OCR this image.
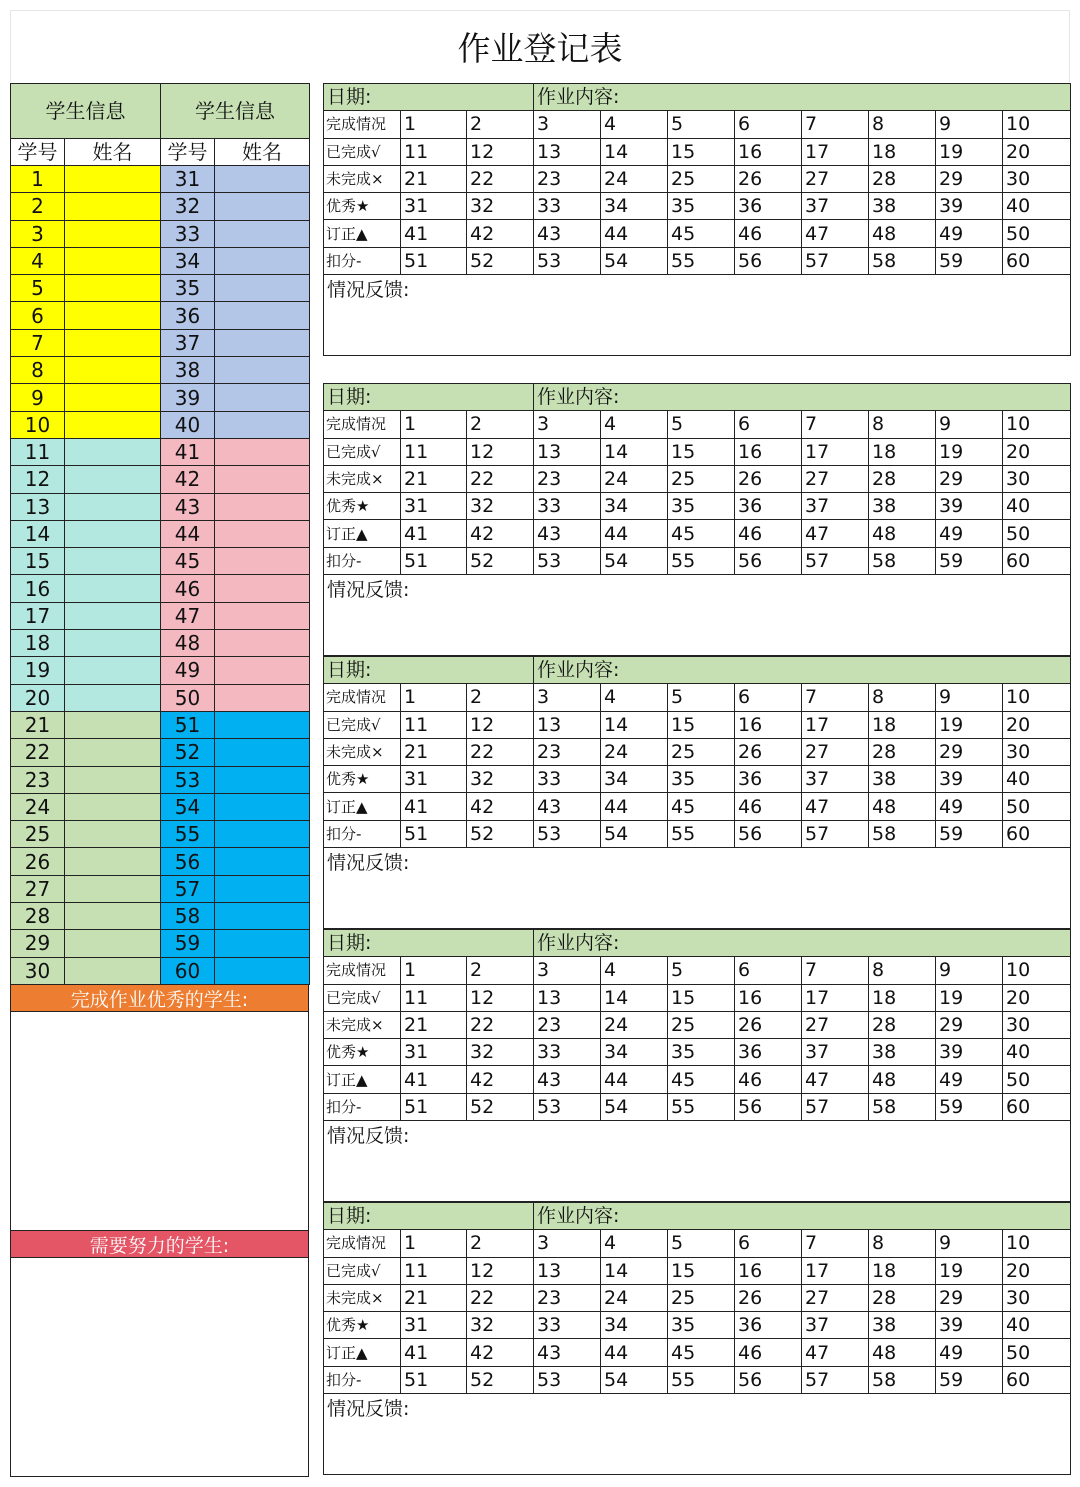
作业登记表
学生信息		学生信息	
学号	姓名	学号	姓名
1		31	
2		32	
3		33	
4		34	
5		35	
6		36	
7		37	
8		38	
9		39	
10		40	
11		41	
12		42	
13		43	
14		44	
15		45	
16		46	
17		47	
18		48	
19		49	
20		50	
21		51	
22		52	
23		53	
24		54	
25		55	
26		56	
27		57	
28		58	
29		59	
30		60	
完成作业优秀的学生:
需要努力的学生:
日期:			作业内容:							
完成情况	1	2	3	4	5	6	7	8	9	10
已完成√	11	12	13	14	15	16	17	18	19	20
未完成×	21	22	23	24	25	26	27	28	29	30
优秀★	31	32	33	34	35	36	37	38	39	40
订正▲	41	42	43	44	45	46	47	48	49	50
扣分-	51	52	53	54	55	56	57	58	59	60
情况反馈:										
日期:			作业内容:							
完成情况	1	2	3	4	5	6	7	8	9	10
已完成√	11	12	13	14	15	16	17	18	19	20
未完成×	21	22	23	24	25	26	27	28	29	30
优秀★	31	32	33	34	35	36	37	38	39	40
订正▲	41	42	43	44	45	46	47	48	49	50
扣分-	51	52	53	54	55	56	57	58	59	60
情况反馈:										
日期:			作业内容:							
完成情况	1	2	3	4	5	6	7	8	9	10
已完成√	11	12	13	14	15	16	17	18	19	20
未完成×	21	22	23	24	25	26	27	28	29	30
优秀★	31	32	33	34	35	36	37	38	39	40
订正▲	41	42	43	44	45	46	47	48	49	50
扣分-	51	52	53	54	55	56	57	58	59	60
情况反馈:										
日期:			作业内容:							
完成情况	1	2	3	4	5	6	7	8	9	10
已完成√	11	12	13	14	15	16	17	18	19	20
未完成×	21	22	23	24	25	26	27	28	29	30
优秀★	31	32	33	34	35	36	37	38	39	40
订正▲	41	42	43	44	45	46	47	48	49	50
扣分-	51	52	53	54	55	56	57	58	59	60
情况反馈:										
日期:			作业内容:							
完成情况	1	2	3	4	5	6	7	8	9	10
已完成√	11	12	13	14	15	16	17	18	19	20
未完成×	21	22	23	24	25	26	27	28	29	30
优秀★	31	32	33	34	35	36	37	38	39	40
订正▲	41	42	43	44	45	46	47	48	49	50
扣分-	51	52	53	54	55	56	57	58	59	60
情况反馈:										
